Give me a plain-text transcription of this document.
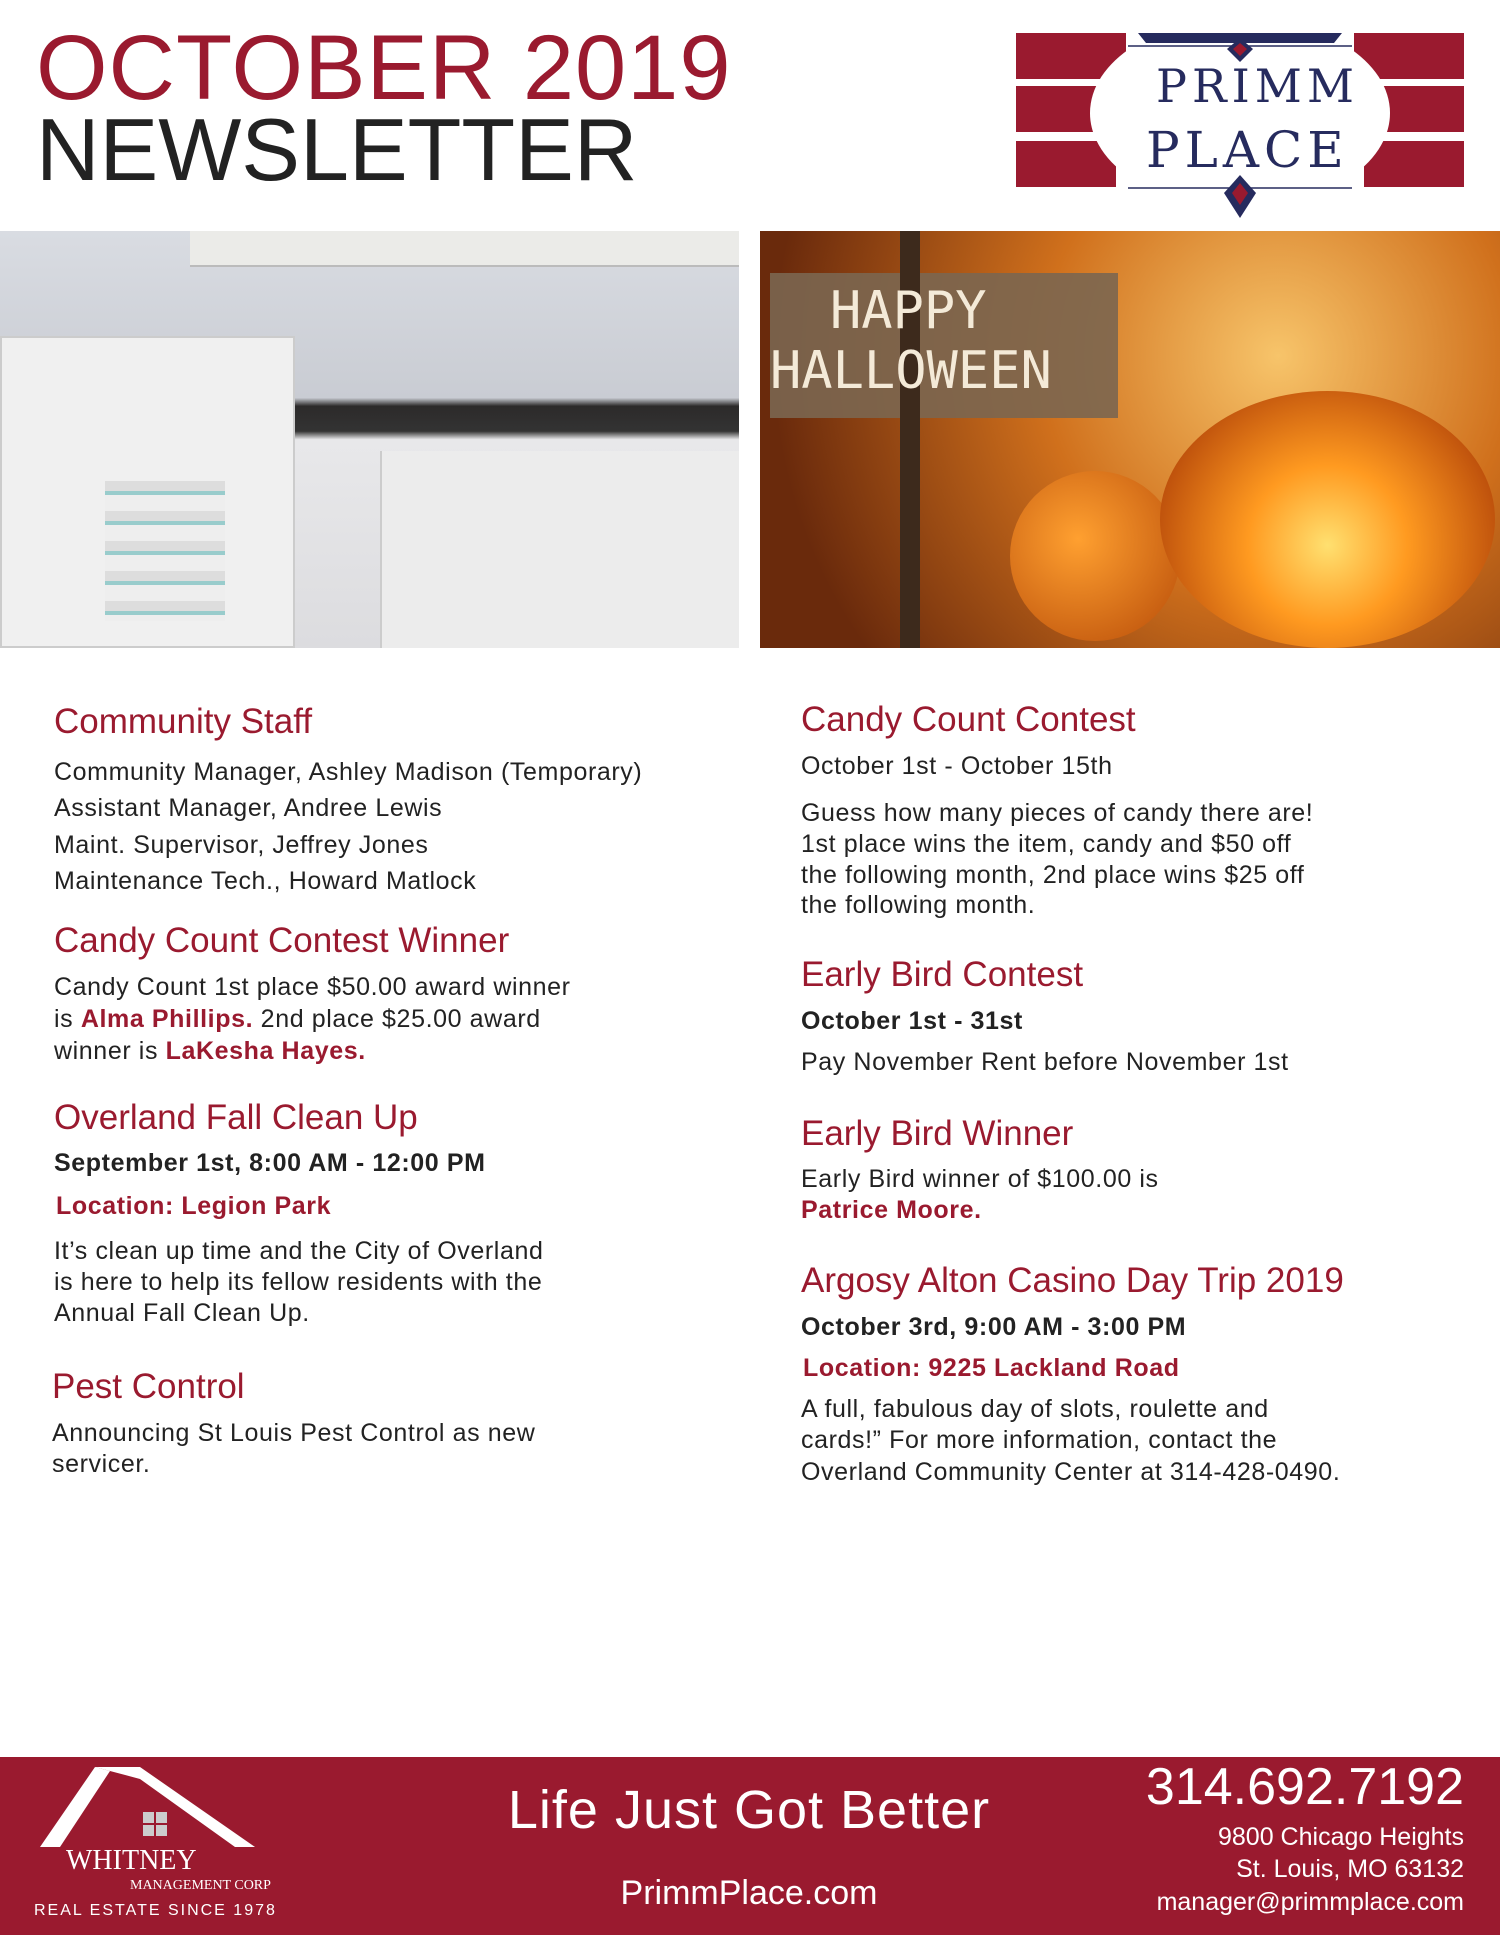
OCTOBER 2019
NEWSLETTER
PRIMM
PLACE
HAPPY
HALLOWEEN
Community Staff
Community Manager, Ashley Madison (Temporary)
Assistant Manager, Andree Lewis
Maint. Supervisor, Jeffrey Jones
Maintenance Tech., Howard Matlock
Candy Count Contest Winner
Candy Count 1st place $50.00 award winner
is Alma Phillips. 2nd place $25.00 award
winner is LaKesha Hayes.
Overland Fall Clean Up
September 1st, 8:00 AM - 12:00 PM
Location: Legion Park
It’s clean up time and the City of Overland
is here to help its fellow residents with the
Annual Fall Clean Up.
Pest Control
Announcing St Louis Pest Control as new
servicer.
Candy Count Contest
October 1st - October 15th
Guess how many pieces of candy there are!
1st place wins the item, candy and $50 off
the following month, 2nd place wins $25 off
the following month.
Early Bird Contest
October 1st - 31st
Pay November Rent before November 1st
Early Bird Winner
Early Bird winner of $100.00 is
Patrice Moore.
Argosy Alton Casino Day Trip 2019
October 3rd, 9:00 AM - 3:00 PM
Location: 9225 Lackland Road
A full, fabulous day of slots, roulette and
cards!” For more information, contact the
Overland Community Center at 314-428-0490.
WHITNEY
MANAGEMENT CORP
REAL ESTATE SINCE 1978
Life Just Got Better
PrimmPlace.com
314.692.7192
9800 Chicago Heights
St. Louis, MO 63132
manager@primmplace.com
